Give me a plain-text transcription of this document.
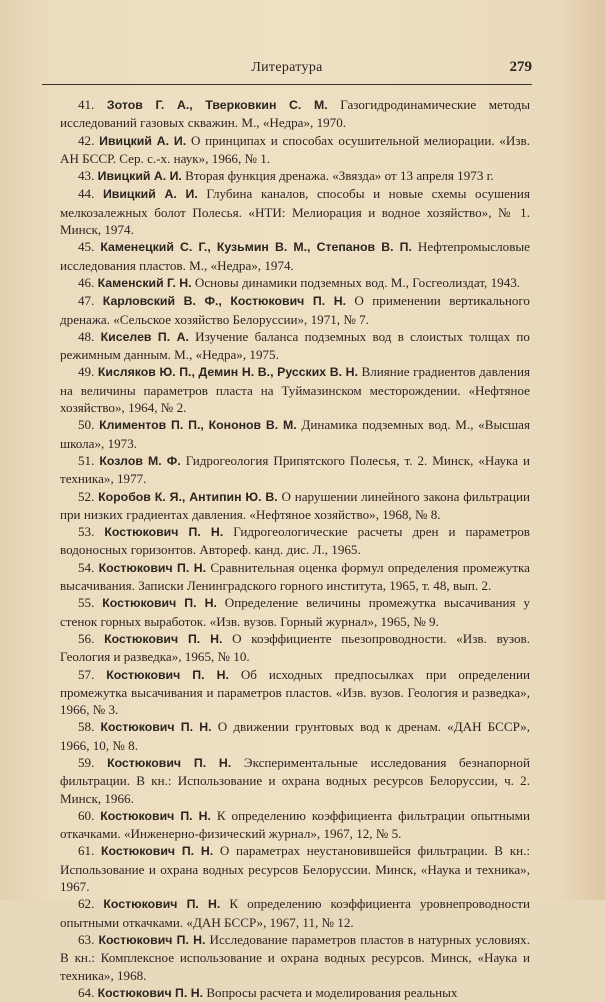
Литература	279

41. Зотов Г. А., Тверковкин С. М. Газогидродинамические методы исследований газовых скважин. М., «Недра», 1970.

42. Ивицкий А. И. О принципах и способах осушительной мелиорации. «Изв. АН БССР. Сер. с.-х. наук», 1966, № 1.

43. Ивицкий А. И. Вторая функция дренажа. «Звязда» от 13 апреля 1973 г.

44. Ивицкий А. И. Глубина каналов, способы и новые схемы осушения мелкозалежных болот Полесья. «НТИ: Мелиорация и водное хозяйство», № 1. Минск, 1974.

45. Каменецкий С. Г., Кузьмин В. М., Степанов В. П. Нефтепромысловые исследования пластов. М., «Недра», 1974.

46. Каменский Г. Н. Основы динамики подземных вод. М., Госгеолиздат, 1943.

47. Карловский В. Ф., Костюкович П. Н. О применении вертикального дренажа. «Сельское хозяйство Белоруссии», 1971, № 7.

48. Киселев П. А. Изучение баланса подземных вод в слоистых толщах по режимным данным. М., «Недра», 1975.

49. Кисляков Ю. П., Демин Н. В., Русских В. Н. Влияние градиентов давления на величины параметров пласта на Туймазинском месторождении. «Нефтяное хозяйство», 1964, № 2.

50. Климентов П. П., Кононов В. М. Динамика подземных вод. М., «Высшая школа», 1973.

51. Козлов М. Ф. Гидрогеология Припятского Полесья, т. 2. Минск, «Наука и техника», 1977.

52. Коробов К. Я., Антипин Ю. В. О нарушении линейного закона фильтрации при низких градиентах давления. «Нефтяное хозяйство», 1968, № 8.

53. Костюкович П. Н. Гидрогеологические расчеты дрен и параметров водоносных горизонтов. Автореф. канд. дис. Л., 1965.

54. Костюкович П. Н. Сравнительная оценка формул определения промежутка высачивания. Записки Ленинградского горного института, 1965, т. 48, вып. 2.

55. Костюкович П. Н. Определение величины промежутка высачивания у стенок горных выработок. «Изв. вузов. Горный журнал», 1965, № 9.

56. Костюкович П. Н. О коэффициенте пьезопроводности. «Изв. вузов. Геология и разведка», 1965, № 10.

57. Костюкович П. Н. Об исходных предпосылках при определении промежутка высачивания и параметров пластов. «Изв. вузов. Геология и разведка», 1966, № 3.

58. Костюкович П. Н. О движении грунтовых вод к дренам. «ДАН БССР», 1966, 10, № 8.

59. Костюкович П. Н. Экспериментальные исследования безнапорной фильтрации. В кн.: Использование и охрана водных ресурсов Белоруссии, ч. 2. Минск, 1966.

60. Костюкович П. Н. К определению коэффициента фильтрации опытными откачками. «Инженерно-физический журнал», 1967, 12, № 5.

61. Костюкович П. Н. О параметрах неустановившейся фильтрации. В кн.: Использование и охрана водных ресурсов Белоруссии. Минск, «Наука и техника», 1967.

62. Костюкович П. Н. К определению коэффициента уровнепроводности опытными откачками. «ДАН БССР», 1967, 11, № 12.

63. Костюкович П. Н. Исследование параметров пластов в натурных условиях. В кн.: Комплексное использование и охрана водных ресурсов. Минск, «Наука и техника», 1968.

64. Костюкович П. Н. Вопросы расчета и моделирования реальных
